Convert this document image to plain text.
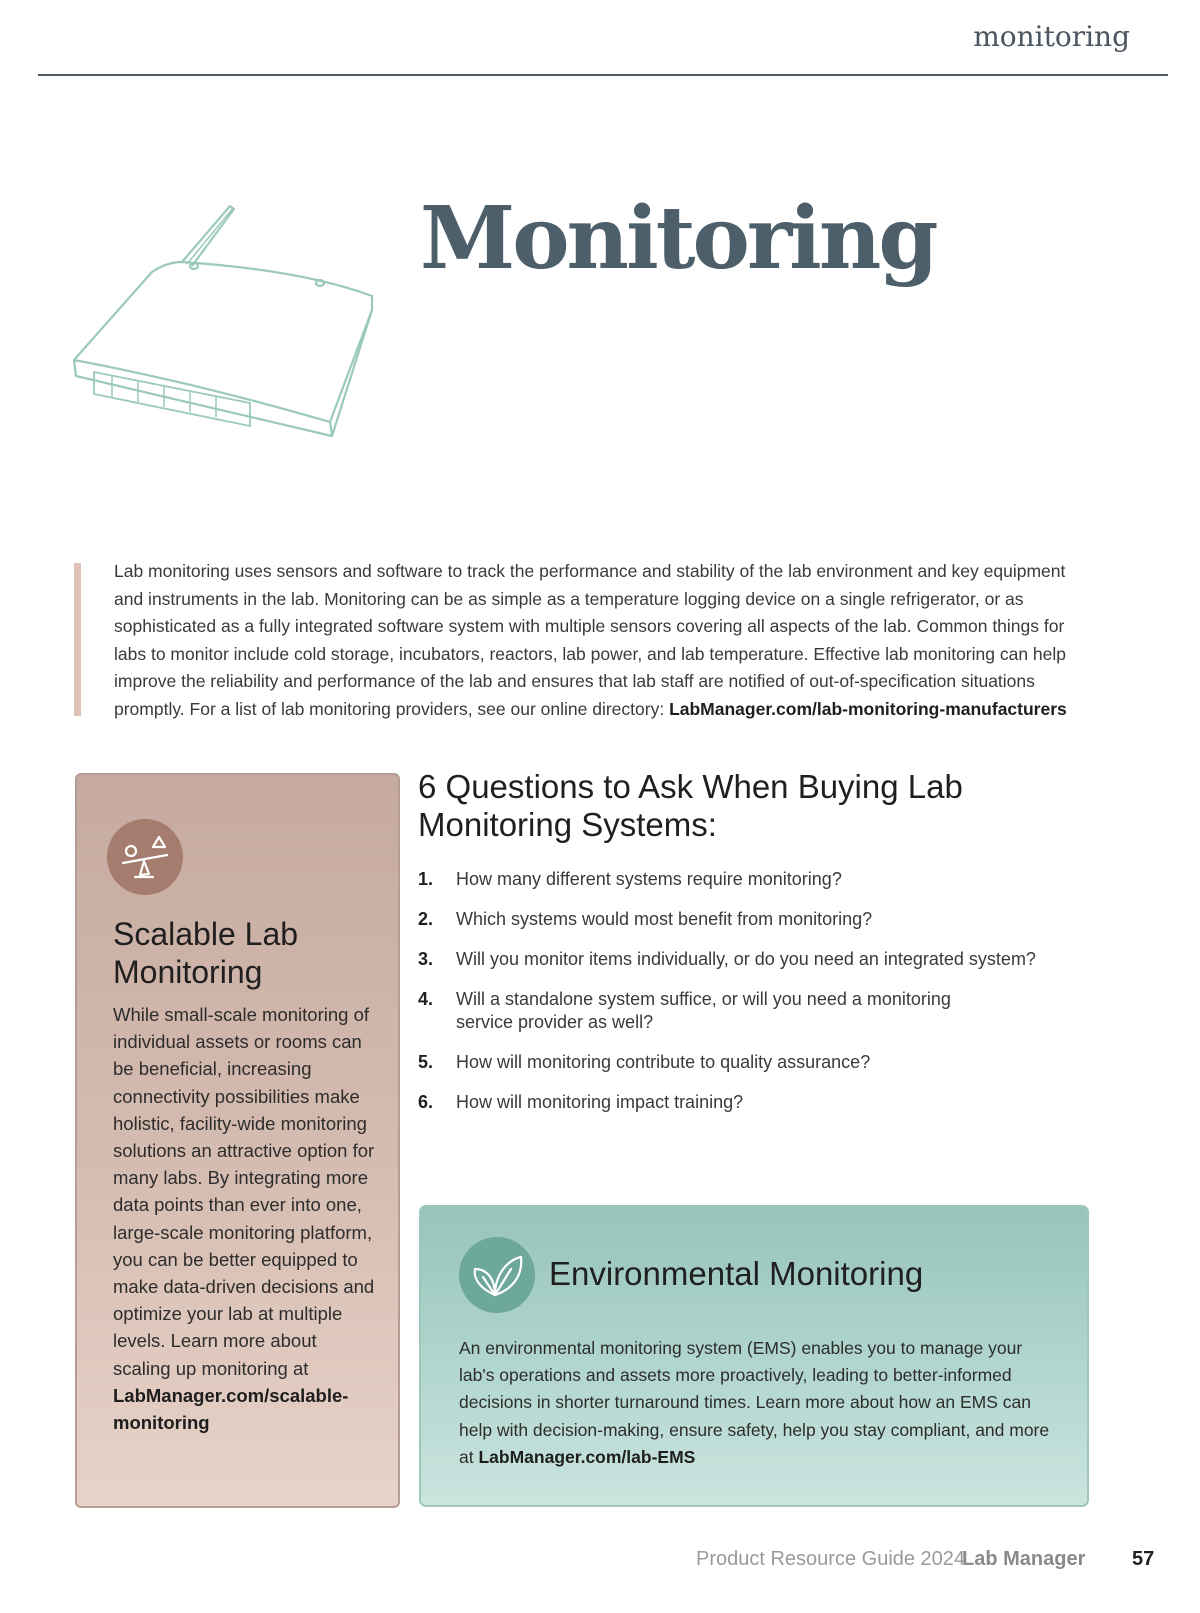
monitoring
Monitoring

Lab monitoring uses sensors and software to track the performance and stability of the lab environment and key equipment and instruments in the lab. Monitoring can be as simple as a temperature logging device on a single refrigerator, or as sophisticated as a fully integrated software system with multiple sensors covering all aspects of the lab. Common things for labs to monitor include cold storage, incubators, reactors, lab power, and lab temperature. Effective lab monitoring can help improve the reliability and performance of the lab and ensures that lab staff are notified of out-of-specification situations promptly. For a list of lab monitoring providers, see our online directory: LabManager.com/lab-monitoring-manufacturers

Scalable Lab Monitoring

While small-scale monitoring of individual assets or rooms can be beneficial, increasing connectivity possibilities make holistic, facility-wide monitoring solutions an attractive option for many labs. By integrating more data points than ever into one, large-scale monitoring platform, you can be better equipped to make data-driven decisions and optimize your lab at multiple levels. Learn more about scaling up monitoring at LabManager.com/scalable-monitoring

6 Questions to Ask When Buying Lab Monitoring Systems:
1.	How many different systems require monitoring?
2.	Which systems would most benefit from monitoring?
3.	Will you monitor items individually, or do you need an integrated system?
4.	Will a standalone system suffice, or will you need a monitoring service provider as well?
5.	How will monitoring contribute to quality assurance?
6.	How will monitoring impact training?
Environmental Monitoring

An environmental monitoring system (EMS) enables you to manage your lab's operations and assets more proactively, leading to better-informed decisions in shorter turnaround times. Learn more about how an EMS can help with decision-making, ensure safety, help you stay compliant, and more at LabManager.com/lab-EMS

Product Resource Guide 2024
Lab Manager 57
